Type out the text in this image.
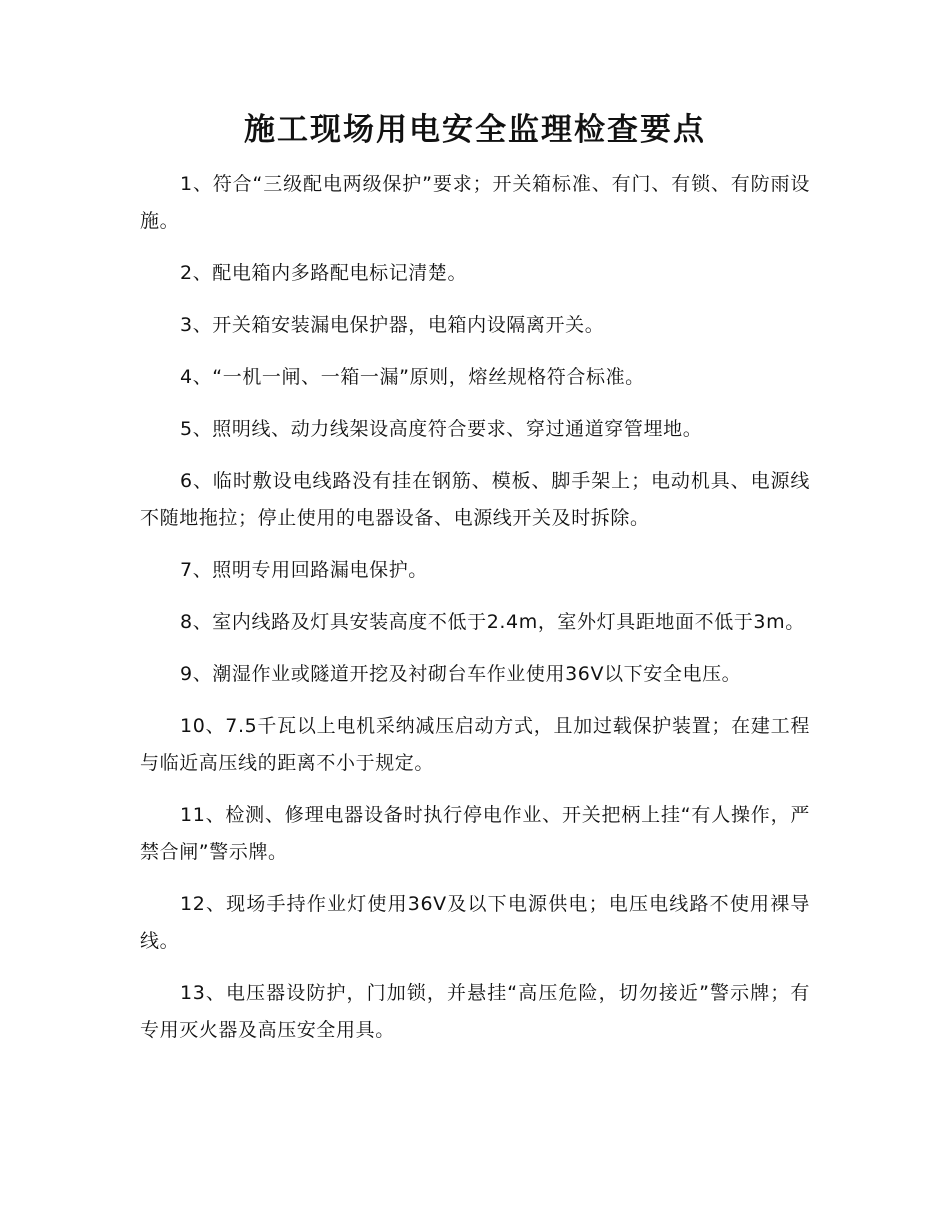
施工现场用电安全监理检查要点

1、符合“三级配电两级保护”要求；开关箱标准、有门、有锁、有防雨设施。

2、配电箱内多路配电标记清楚。

3、开关箱安装漏电保护器，电箱内设隔离开关。

4、“一机一闸、一箱一漏”原则，熔丝规格符合标准。

5、照明线、动力线架设高度符合要求、穿过通道穿管埋地。

6、临时敷设电线路没有挂在钢筋、模板、脚手架上；电动机具、电源线不随地拖拉；停止使用的电器设备、电源线开关及时拆除。

7、照明专用回路漏电保护。

8、室内线路及灯具安装高度不低于2.4m，室外灯具距地面不低于3m。

9、潮湿作业或隧道开挖及衬砌台车作业使用36V以下安全电压。

10、7.5千瓦以上电机采纳减压启动方式，且加过载保护装置；在建工程与临近高压线的距离不小于规定。

11、检测、修理电器设备时执行停电作业、开关把柄上挂“有人操作，严禁合闸”警示牌。

12、现场手持作业灯使用36V及以下电源供电；电压电线路不使用裸导线。

13、电压器设防护，门加锁，并悬挂“高压危险，切勿接近”警示牌；有专用灭火器及高压安全用具。
